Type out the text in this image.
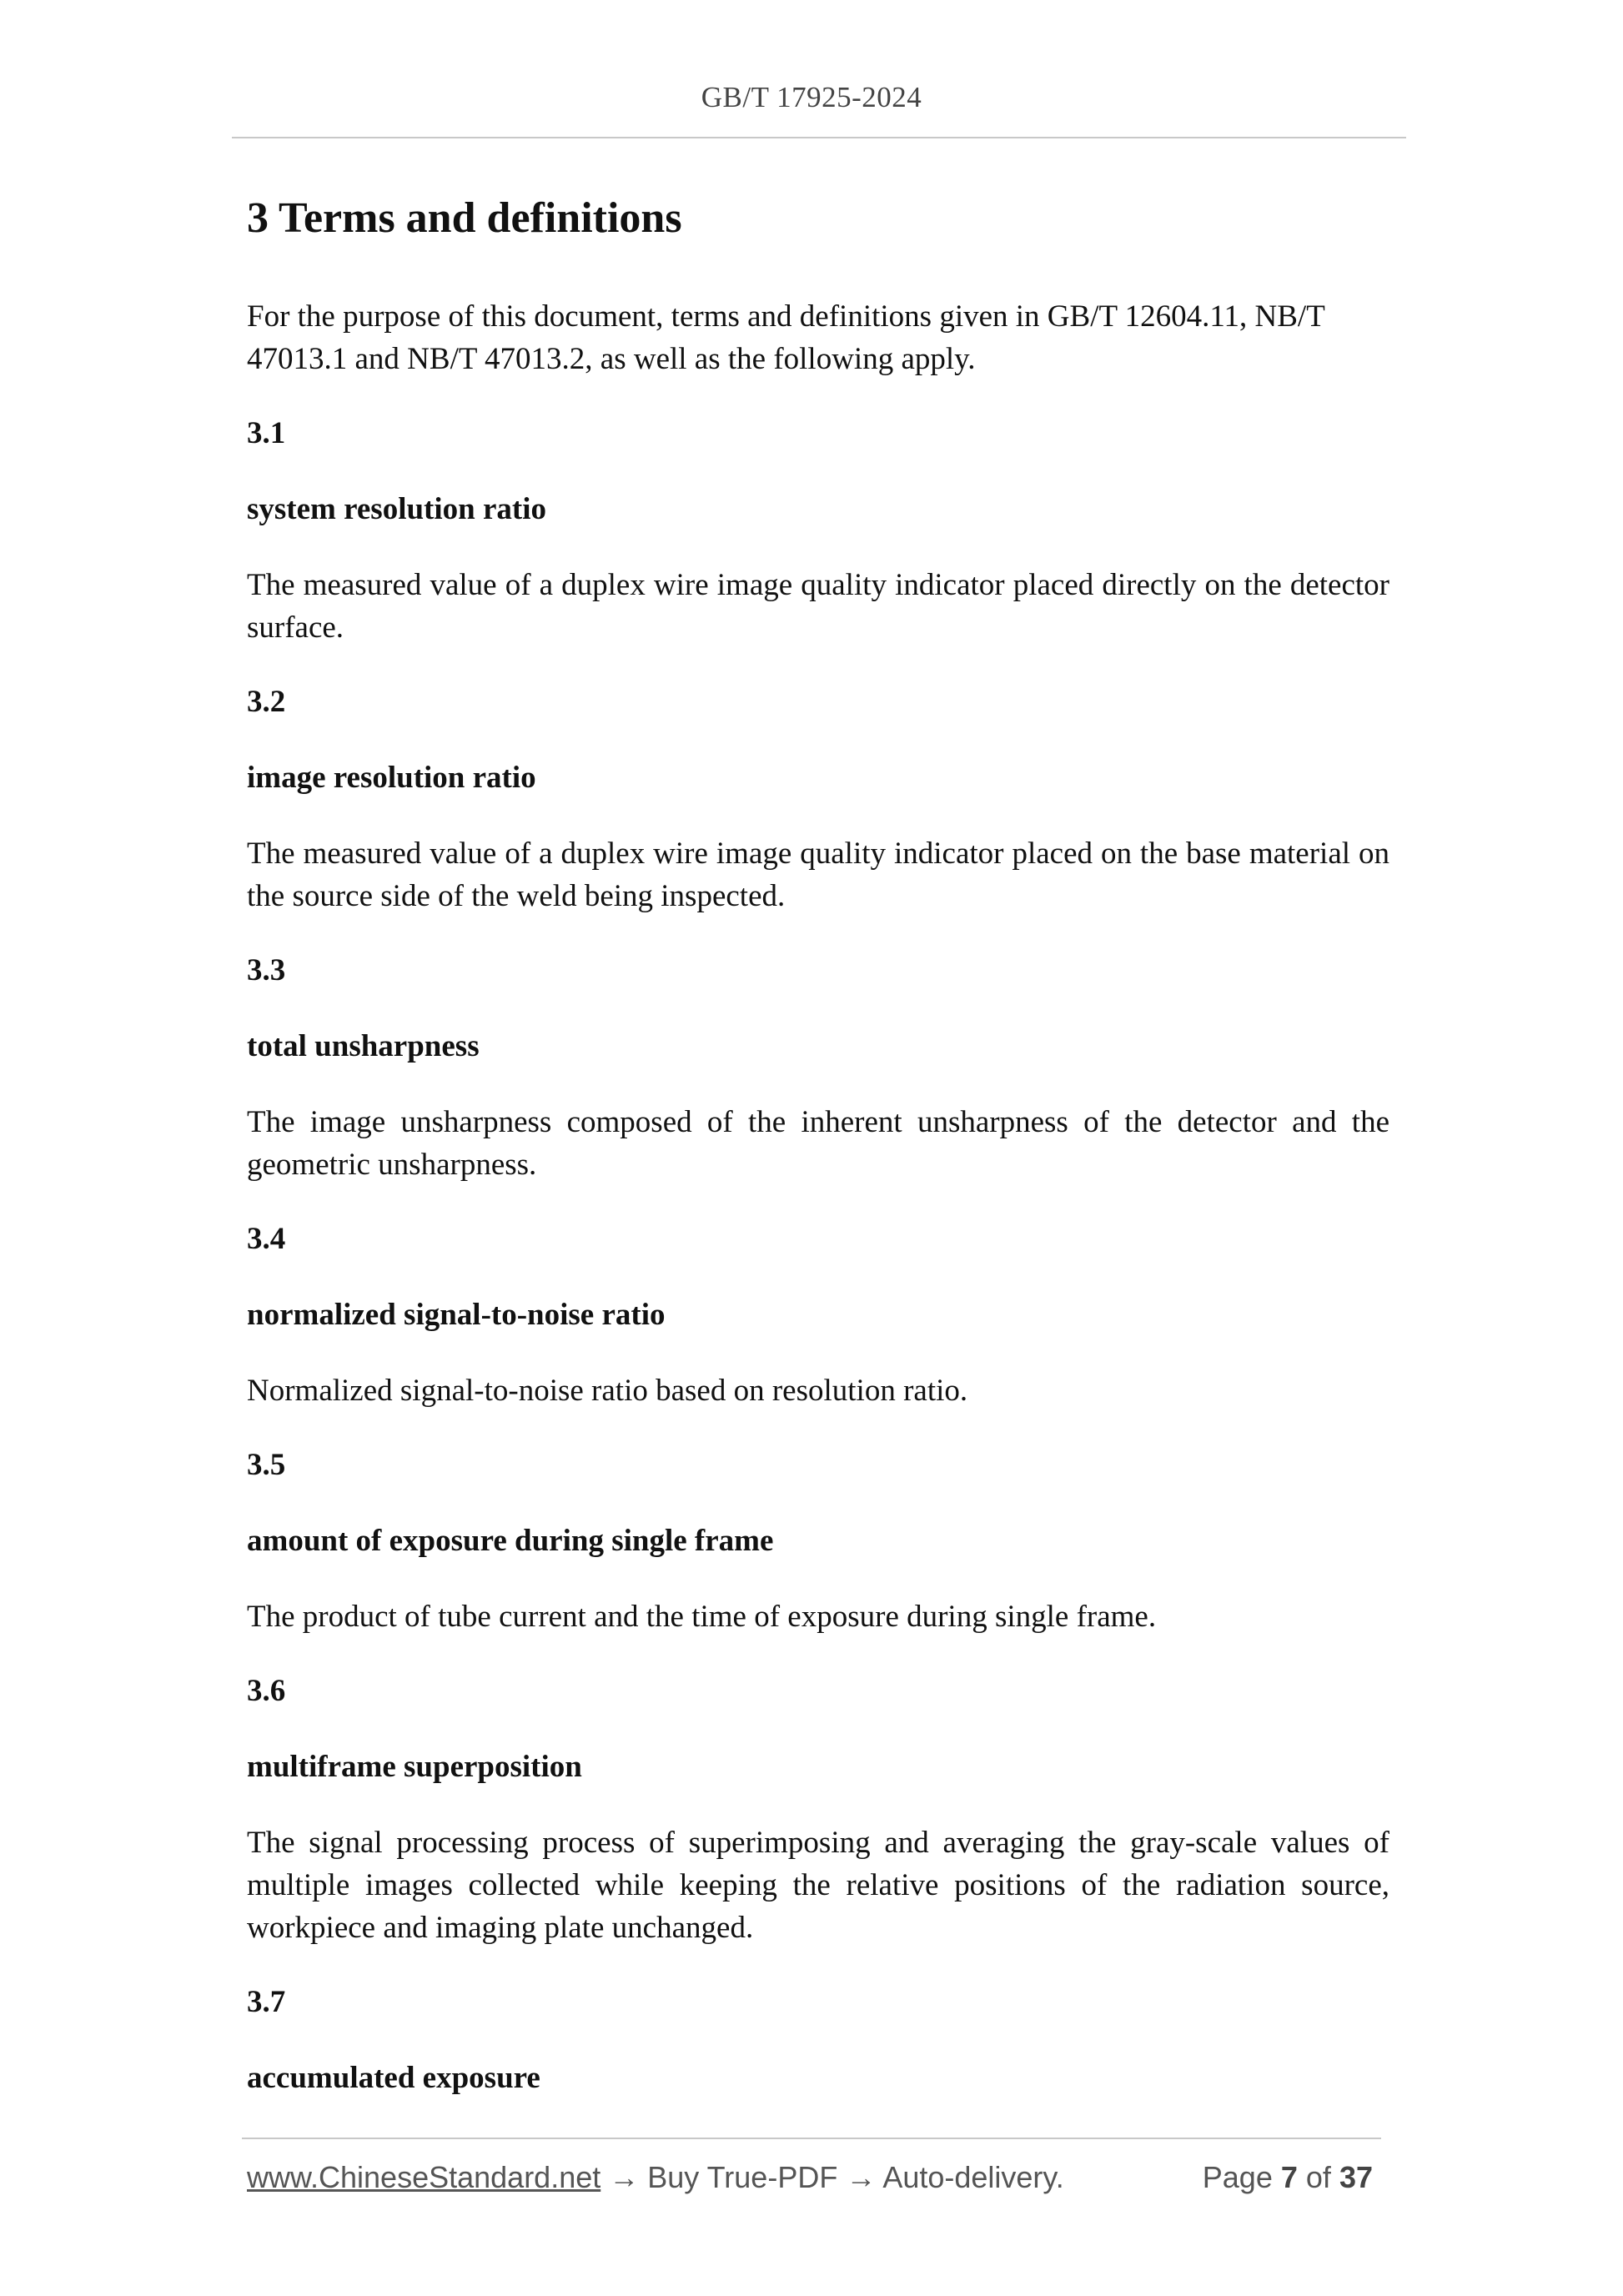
GB/T 17925-2024
3 Terms and definitions

For the purpose of this document, terms and definitions given in GB/T 12604.11, NB/T 47013.1 and NB/T 47013.2, as well as the following apply.

3.1
system resolution ratio
The measured value of a duplex wire image quality indicator placed directly on the detector surface.
3.2
image resolution ratio
The measured value of a duplex wire image quality indicator placed on the base material on the source side of the weld being inspected.
3.3
total unsharpness
The image unsharpness composed of the inherent unsharpness of the detector and the geometric unsharpness.
3.4
normalized signal-to-noise ratio
Normalized signal-to-noise ratio based on resolution ratio.
3.5
amount of exposure during single frame
The product of tube current and the time of exposure during single frame.
3.6
multiframe superposition
The signal processing process of superimposing and averaging the gray-scale values of multiple images collected while keeping the relative positions of the radiation source, workpiece and imaging plate unchanged.
3.7
accumulated exposure
www.ChineseStandard.net → Buy True-PDF → Auto-delivery.	Page 7 of 37
